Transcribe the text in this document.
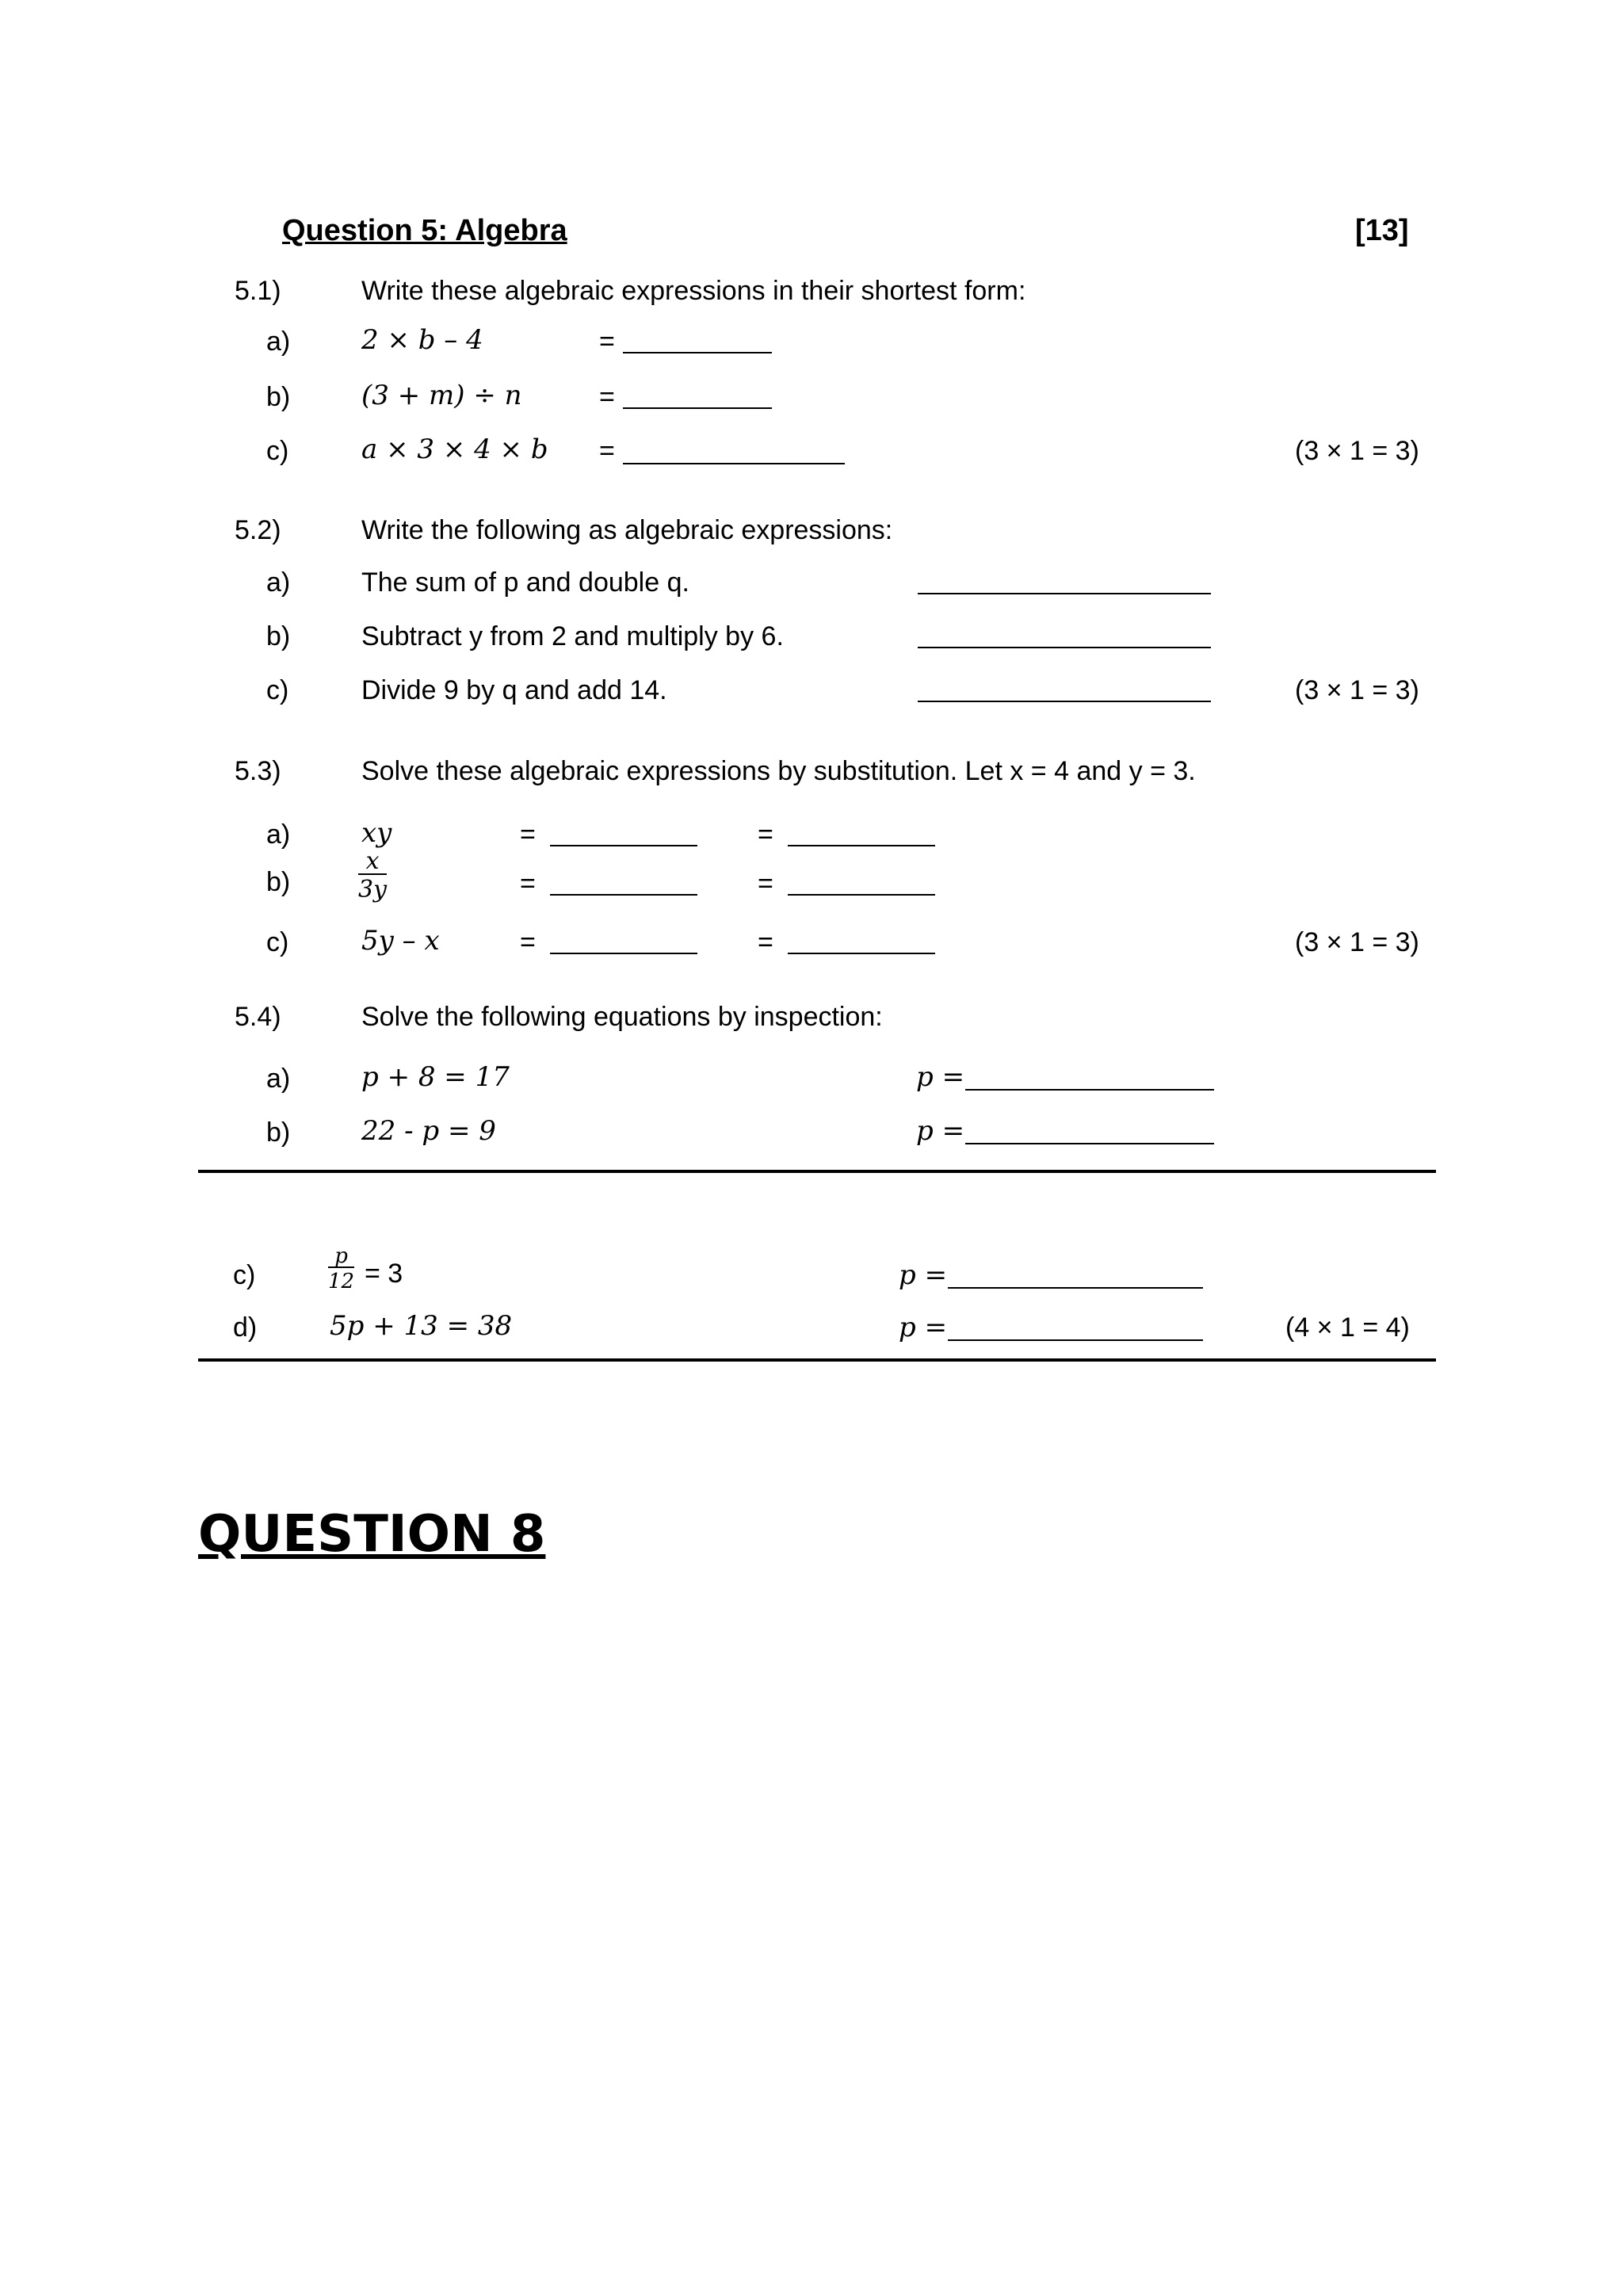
Question 5: Algebra	[13]
5.1)	Write these algebraic expressions in their shortest form:
a)	2 × b – 4	=
b)	(3 + m) ÷ n	=
c)	a × 3 × 4 × b =	(3 × 1 = 3)
5.2)	Write the following as algebraic expressions:
a)	The sum of p and double q.
b)	Subtract y from 2 and multiply by 6.
c)	Divide 9 by q and add 14.	(3 × 1 = 3)
5.3)	Solve these algebraic expressions by substitution. Let x = 4 and y = 3.
a)	xy	=	=
b)	$\frac{x}{3y}$	=	=
c)	5y – x	=	=	(3 × 1 = 3)
5.4)	Solve the following equations by inspection:
a)	p + 8 = 17	p =
b)	22 - p = 9	p =
c)	$\frac{p}{12} = 3$	p =
d)	5p + 13 = 38	p =	(4 × 1 = 4)
QUESTION 8
